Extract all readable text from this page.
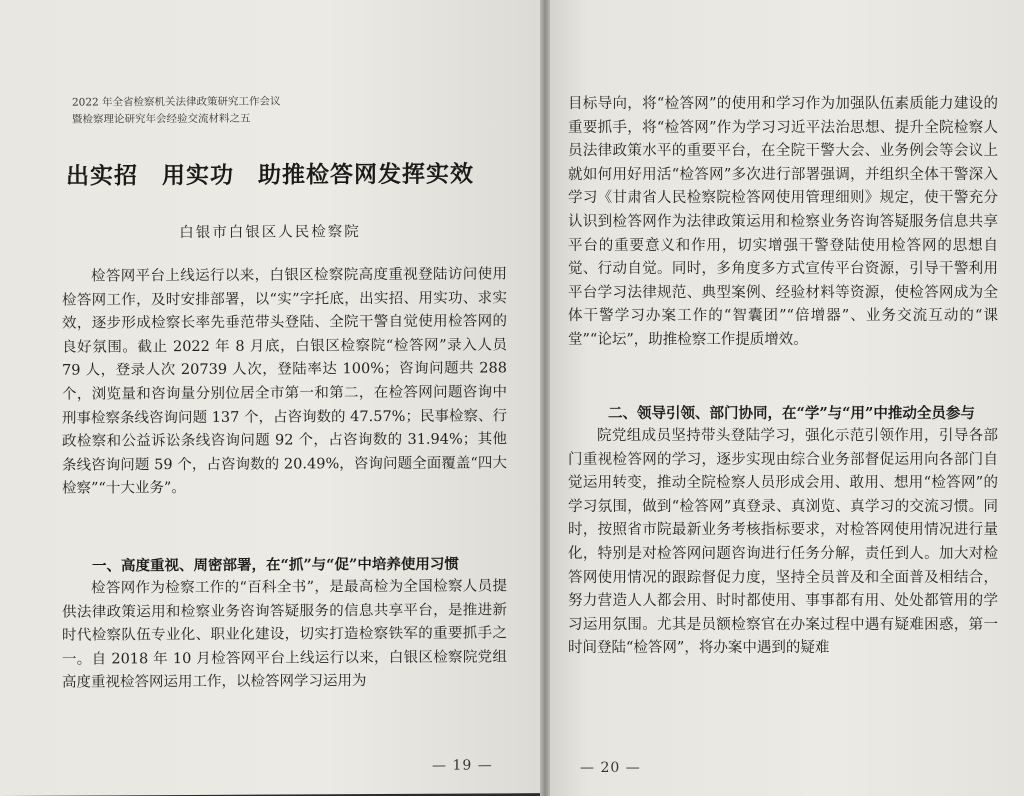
2022 年全省检察机关法律政策研究工作会议
暨检察理论研究年会经验交流材料之五
出实招　用实功　助推检答网发挥实效
白银市白银区人民检察院

检答网平台上线运行以来，白银区检察院高度重视登陆访问使用检答网工作，及时安排部署，以“实”字托底，出实招、用实功、求实效，逐步形成检察长率先垂范带头登陆、全院干警自觉使用检答网的良好氛围。截止 2022 年 8 月底，白银区检察院“检答网”录入人员 79 人，登录人次 20739 人次，登陆率达 100%；咨询问题共 288 个，浏览量和咨询量分别位居全市第一和第二，在检答网问题咨询中刑事检察条线咨询问题 137 个，占咨询数的 47.57%；民事检察、行政检察和公益诉讼条线咨询问题 92 个，占咨询数的 31.94%；其他条线咨询问题 59 个，占咨询数的 20.49%，咨询问题全面覆盖“四大检察”“十大业务”。

一、高度重视、周密部署，在“抓”与“促”中培养使用习惯

检答网作为检察工作的“百科全书”，是最高检为全国检察人员提供法律政策运用和检察业务咨询答疑服务的信息共享平台，是推进新时代检察队伍专业化、职业化建设，切实打造检察铁军的重要抓手之一。自 2018 年 10 月检答网平台上线运行以来，白银区检察院党组高度重视检答网运用工作，以检答网学习运用为

— 19 —

目标导向，将“检答网”的使用和学习作为加强队伍素质能力建设的重要抓手，将“检答网”作为学习习近平法治思想、提升全院检察人员法律政策水平的重要平台，在全院干警大会、业务例会等会议上就如何用好用活“检答网”多次进行部署强调，并组织全体干警深入学习《甘肃省人民检察院检答网使用管理细则》规定，使干警充分认识到检答网作为法律政策运用和检察业务咨询答疑服务信息共享平台的重要意义和作用，切实增强干警登陆使用检答网的思想自觉、行动自觉。同时，多角度多方式宣传平台资源，引导干警利用平台学习法律规范、典型案例、经验材料等资源，使检答网成为全体干警学习办案工作的“智囊团”“倍增器”、业务交流互动的“课堂”“论坛”，助推检察工作提质增效。

二、领导引领、部门协同，在“学”与“用”中推动全员参与

院党组成员坚持带头登陆学习，强化示范引领作用，引导各部门重视检答网的学习，逐步实现由综合业务部督促运用向各部门自觉运用转变，推动全院检察人员形成会用、敢用、想用“检答网”的学习氛围，做到“检答网”真登录、真浏览、真学习的交流习惯。同时，按照省市院最新业务考核指标要求，对检答网使用情况进行量化，特别是对检答网问题咨询进行任务分解，责任到人。加大对检答网使用情况的跟踪督促力度，坚持全员普及和全面普及相结合，努力营造人人都会用、时时都使用、事事都有用、处处都管用的学习运用氛围。尤其是员额检察官在办案过程中遇有疑难困惑，第一时间登陆“检答网”，将办案中遇到的疑难

— 20 —
